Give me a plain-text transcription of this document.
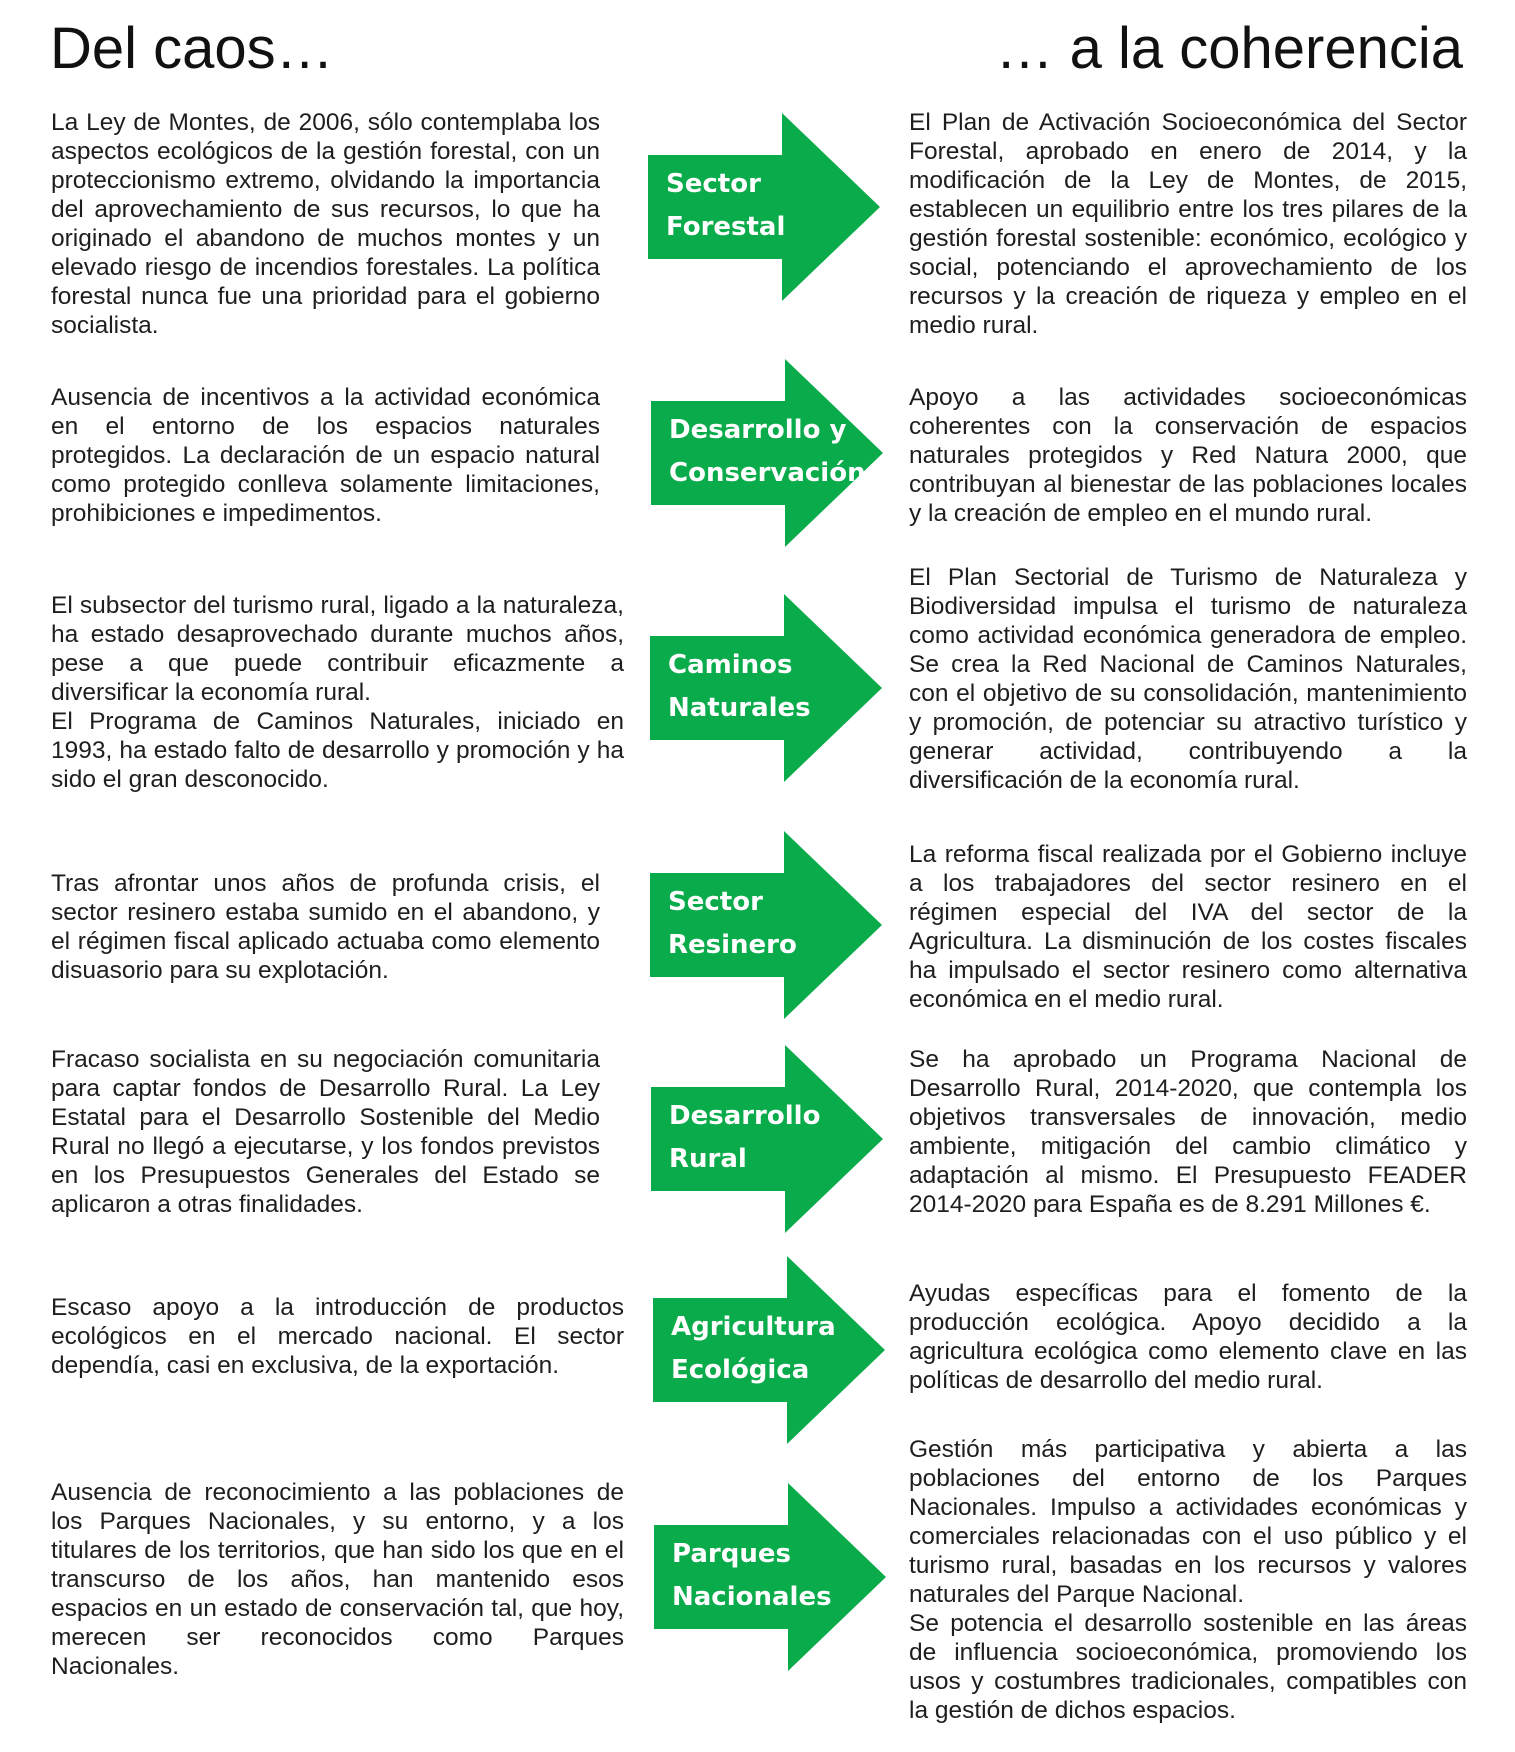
Del caos…	… a la coherencia

La Ley de Montes, de 2006, sólo contemplaba los aspectos ecológicos de la gestión forestal, con un proteccionismo extremo, olvidando la importancia del aprovechamiento de sus recursos, lo que ha originado el abandono de muchos montes y un elevado riesgo de incendios forestales. La política forestal nunca fue una prioridad para el gobierno socialista.

Sector
Forestal

El Plan de Activación Socioeconómica del Sector Forestal, aprobado en enero de 2014, y la modificación de la Ley de Montes, de 2015, establecen un equilibrio entre los tres pilares de la gestión forestal sostenible: económico, ecológico y social, potenciando el aprovechamiento de los recursos y la creación de riqueza y empleo en el medio rural.

Ausencia de incentivos a la actividad económica en el entorno de los espacios naturales protegidos. La declaración de un espacio natural como protegido conlleva solamente limitaciones, prohibiciones e impedimentos.

Desarrollo y
Conservación

Apoyo a las actividades socioeconómicas coherentes con la conservación de espacios naturales protegidos y Red Natura 2000, que contribuyan al bienestar de las poblaciones locales y la creación de empleo en el mundo rural.

El subsector del turismo rural, ligado a la naturaleza, ha estado desaprovechado durante muchos años, pese a que puede contribuir eficazmente a diversificar la economía rural.
El Programa de Caminos Naturales, iniciado en 1993, ha estado falto de desarrollo y promoción y ha sido el gran desconocido.

Caminos
Naturales

El Plan Sectorial de Turismo de Naturaleza y Biodiversidad impulsa el turismo de naturaleza como actividad económica generadora de empleo. Se crea la Red Nacional de Caminos Naturales, con el objetivo de su consolidación, mantenimiento y promoción, de potenciar su atractivo turístico y generar actividad, contribuyendo a la diversificación de la economía rural.

Tras afrontar unos años de profunda crisis, el sector resinero estaba sumido en el abandono, y el régimen fiscal aplicado actuaba como elemento disuasorio para su explotación.

Sector
Resinero

La reforma fiscal realizada por el Gobierno incluye a los trabajadores del sector resinero en el régimen especial del IVA del sector de la Agricultura. La disminución de los costes fiscales ha impulsado el sector resinero como alternativa económica en el medio rural.

Fracaso socialista en su negociación comunitaria para captar fondos de Desarrollo Rural. La Ley Estatal para el Desarrollo Sostenible del Medio Rural no llegó a ejecutarse, y los fondos previstos en los Presupuestos Generales del Estado se aplicaron a otras finalidades.

Desarrollo
Rural

Se ha aprobado un Programa Nacional de Desarrollo Rural, 2014-2020, que contempla los objetivos transversales de innovación, medio ambiente, mitigación del cambio climático y adaptación al mismo. El Presupuesto FEADER 2014-2020 para España es de 8.291 Millones €.

Escaso apoyo a la introducción de productos ecológicos en el mercado nacional. El sector dependía, casi en exclusiva, de la exportación.

Agricultura
Ecológica

Ayudas específicas para el fomento de la producción ecológica. Apoyo decidido a la agricultura ecológica como elemento clave en las políticas de desarrollo del medio rural.

Ausencia de reconocimiento a las poblaciones de los Parques Nacionales, y su entorno, y a los titulares de los territorios, que han sido los que en el transcurso de los años, han mantenido esos espacios en un estado de conservación tal, que hoy, merecen ser reconocidos como Parques Nacionales.

Parques
Nacionales

Gestión más participativa y abierta a las poblaciones del entorno de los Parques Nacionales. Impulso a actividades económicas y comerciales relacionadas con el uso público y el turismo rural, basadas en los recursos y valores naturales del Parque Nacional.
Se potencia el desarrollo sostenible en las áreas de influencia socioeconómica, promoviendo los usos y costumbres tradicionales, compatibles con la gestión de dichos espacios.
